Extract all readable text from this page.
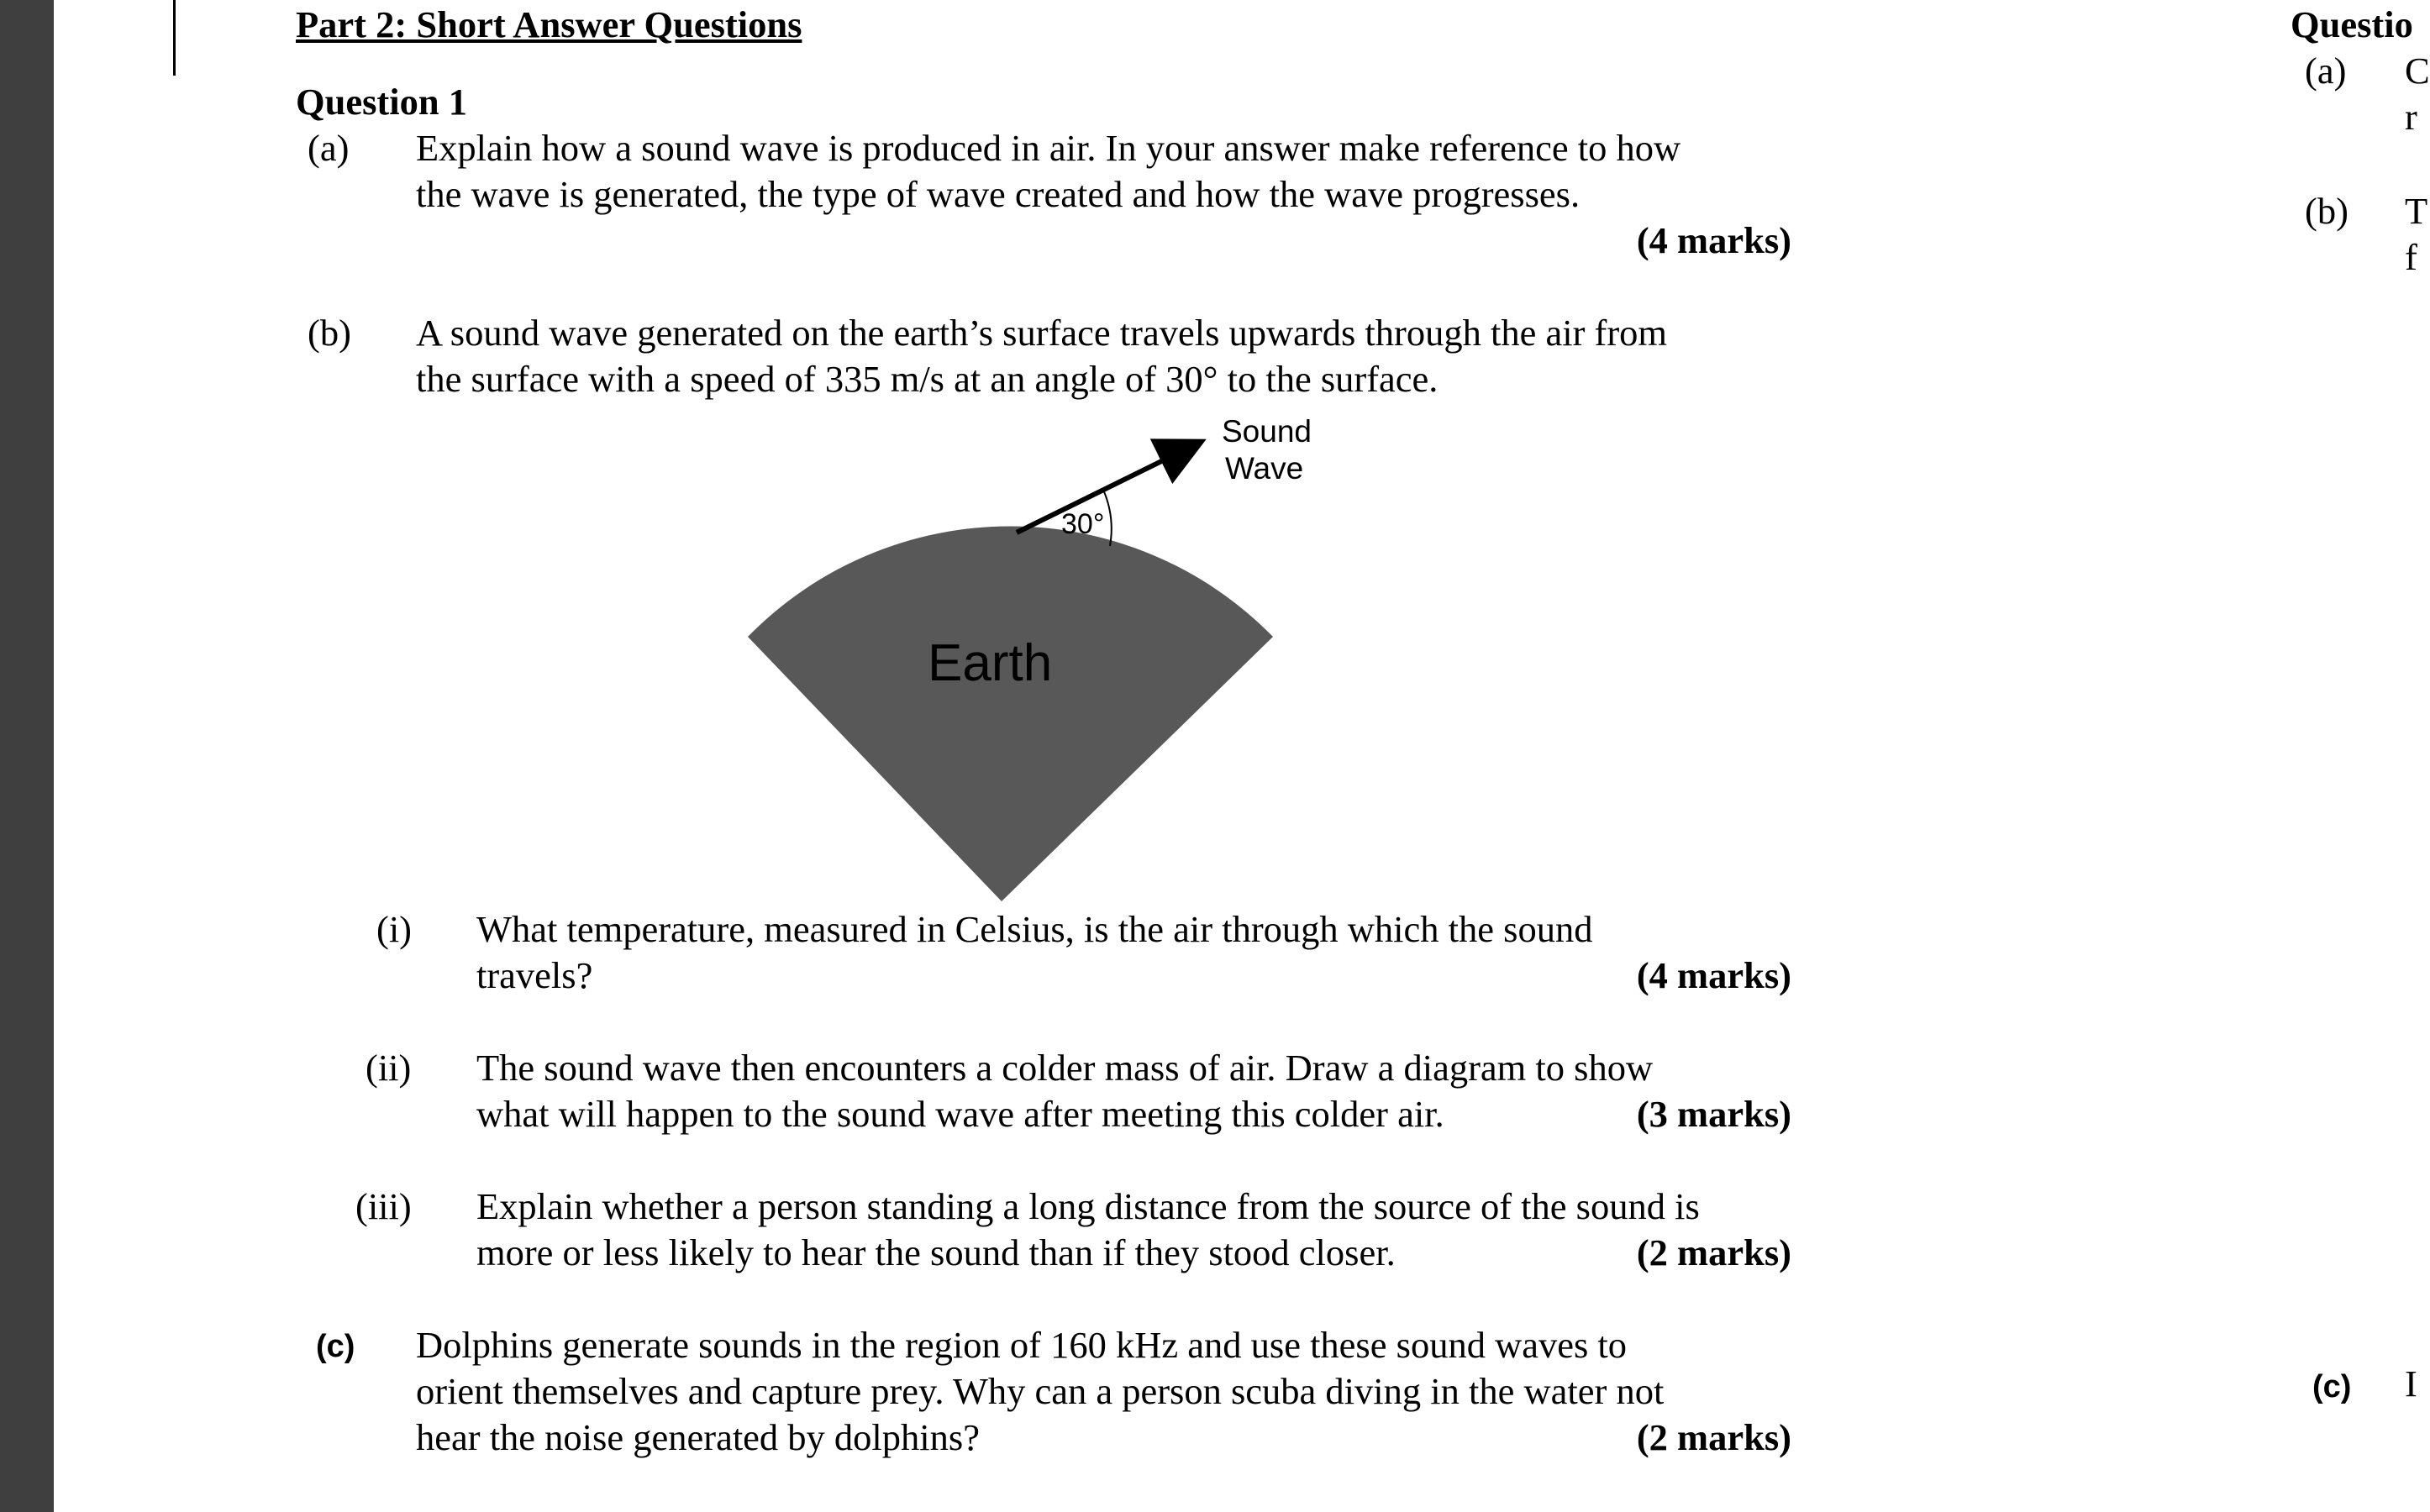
Part 2: Short Answer Questions
Question 1
(a) Explain how a sound wave is produced in air. In your answer make reference to how
the wave is generated, the type of wave created and how the wave progresses.
(4 marks)
(b) A sound wave generated on the earth’s surface travels upwards through the air from
the surface with a speed of 335 m/s at an angle of 30° to the surface.
30°
Sound
Wave
Earth
(i) What temperature, measured in Celsius, is the air through which the sound
travels?	(4 marks)
(ii) The sound wave then encounters a colder mass of air. Draw a diagram to show
what will happen to the sound wave after meeting this colder air.	(3 marks)
(iii) Explain whether a person standing a long distance from the source of the sound is
more or less likely to hear the sound than if they stood closer.	(2 marks)
(c) Dolphins generate sounds in the region of 160 kHz and use these sound waves to
orient themselves and capture prey. Why can a person scuba diving in the water not
hear the noise generated by dolphins?	(2 marks)
Questio
(a) C
r
(b) T
f
(c) I
